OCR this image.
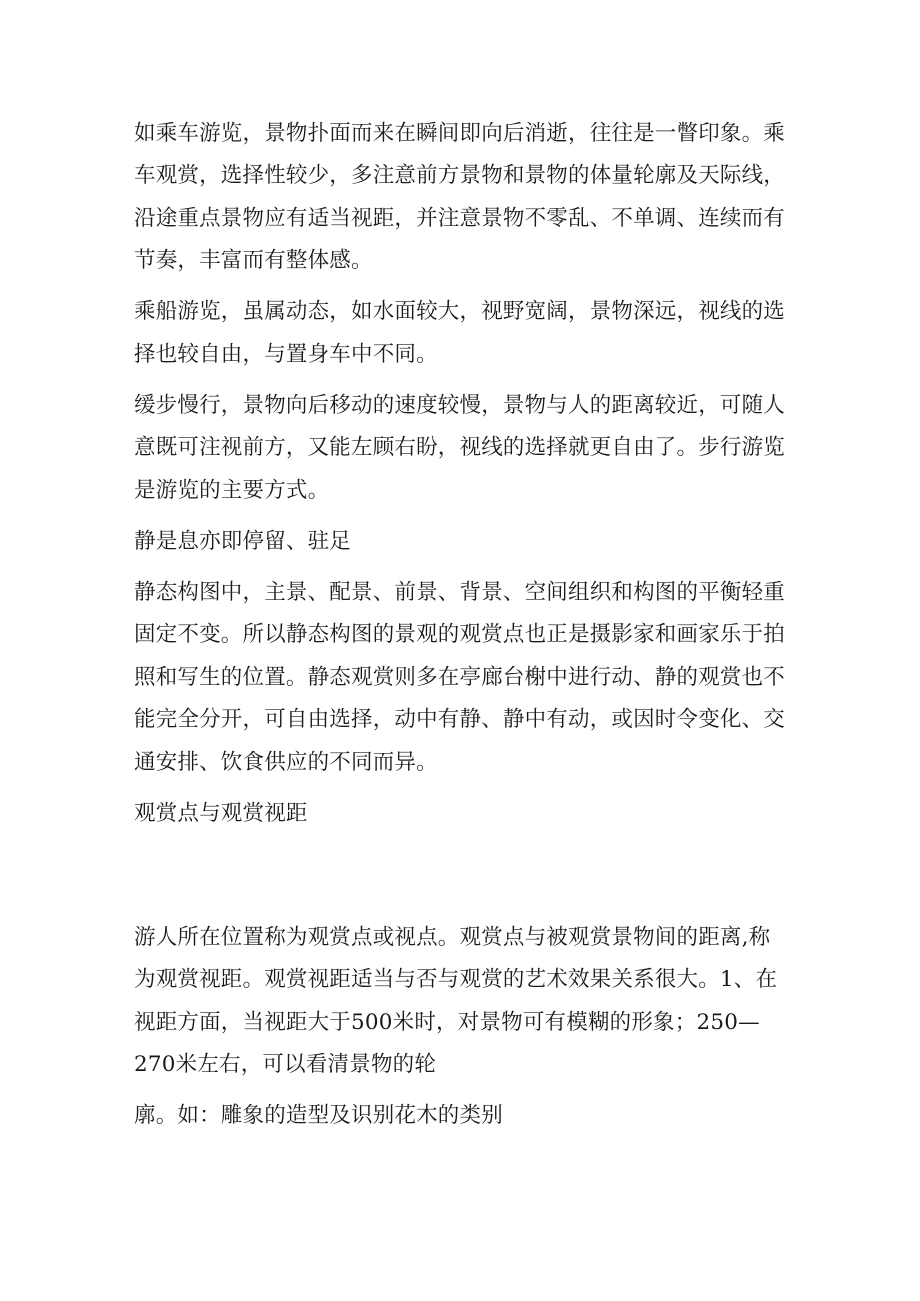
如乘车游览，景物扑面而来在瞬间即向后消逝，往往是一瞥印象。乘
车观赏，选择性较少，多注意前方景物和景物的体量轮廓及天际线，
沿途重点景物应有适当视距，并注意景物不零乱、不单调、连续而有
节奏，丰富而有整体感。
乘船游览，虽属动态，如水面较大，视野宽阔，景物深远，视线的选
择也较自由，与置身车中不同。
缓步慢行，景物向后移动的速度较慢，景物与人的距离较近，可随人
意既可注视前方，又能左顾右盼，视线的选择就更自由了。步行游览
是游览的主要方式。
静是息亦即停留、驻足
静态构图中，主景、配景、前景、背景、空间组织和构图的平衡轻重
固定不变。所以静态构图的景观的观赏点也正是摄影家和画家乐于拍
照和写生的位置。静态观赏则多在亭廊台榭中进行动、静的观赏也不
能完全分开，可自由选择，动中有静、静中有动，或因时令变化、交
通安排、饮食供应的不同而异。
观赏点与观赏视距
游人所在位置称为观赏点或视点。观赏点与被观赏景物间的距离,称
为观赏视距。观赏视距适当与否与观赏的艺术效果关系很大。1、在
视距方面，当视距大于500米时，对景物可有模糊的形象；250—
270米左右，可以看清景物的轮
廓。如：雕象的造型及识别花木的类别
